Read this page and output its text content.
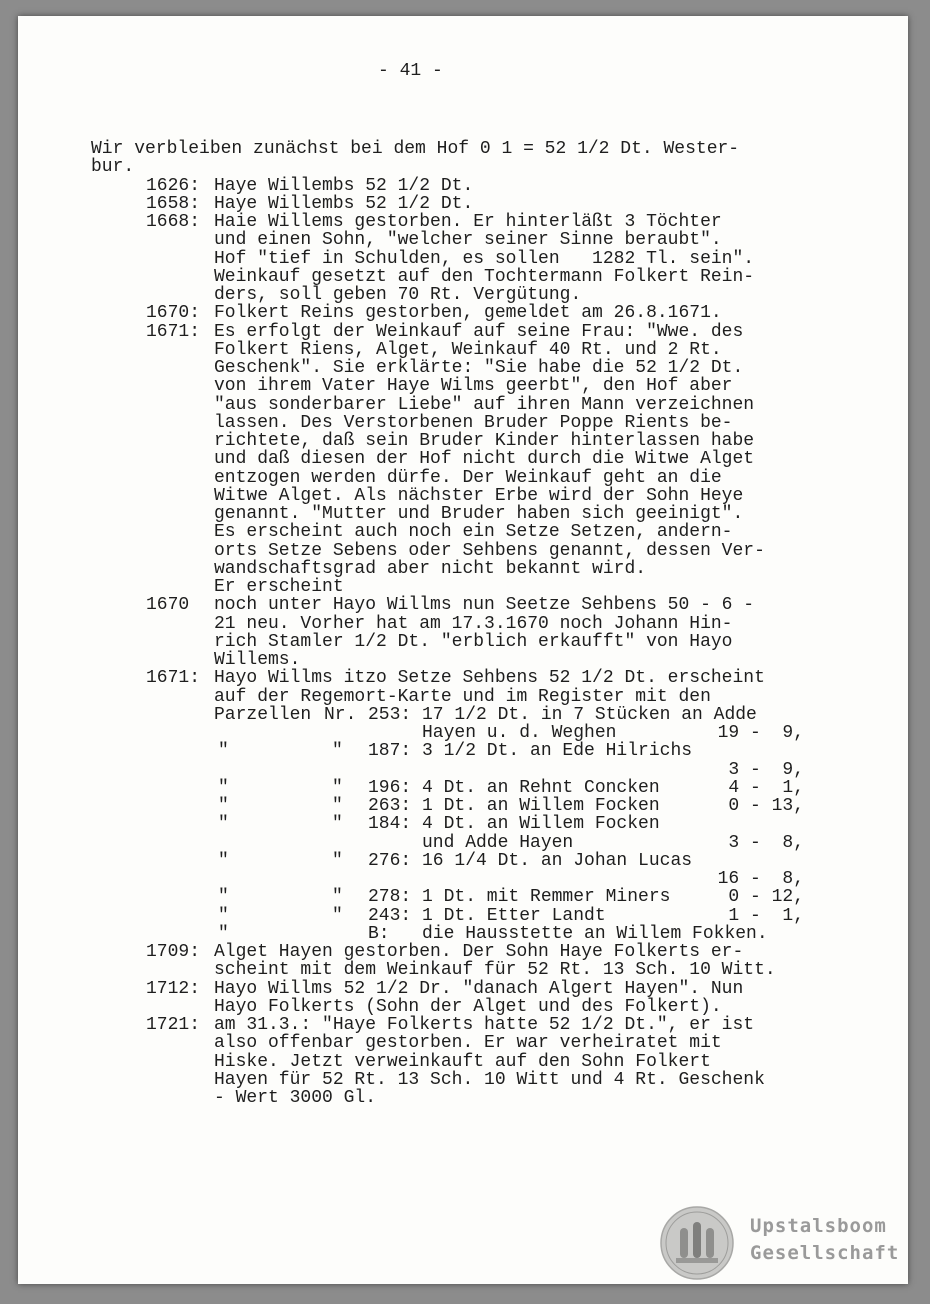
- 41 -
Wir verbleiben zunächst bei dem Hof 0 1 = 52 1/2 Dt. Wester-
bur.
1626: Haye Willembs 52 1/2 Dt.
1658: Haye Willembs 52 1/2 Dt.
1668: Haie Willems gestorben. Er hinterläßt 3 Töchter
und einen Sohn, "welcher seiner Sinne beraubt".
Hof "tief in Schulden, es sollen   1282 Tl. sein".
Weinkauf gesetzt auf den Tochtermann Folkert Rein-
ders, soll geben 70 Rt. Vergütung.
1670: Folkert Reins gestorben, gemeldet am 26.8.1671.
1671: Es erfolgt der Weinkauf auf seine Frau: "Wwe. des
Folkert Riens, Alget, Weinkauf 40 Rt. und 2 Rt.
Geschenk". Sie erklärte: "Sie habe die 52 1/2 Dt.
von ihrem Vater Haye Wilms geerbt", den Hof aber
"aus sonderbarer Liebe" auf ihren Mann verzeichnen
lassen. Des Verstorbenen Bruder Poppe Rients be-
richtete, daß sein Bruder Kinder hinterlassen habe
und daß diesen der Hof nicht durch die Witwe Alget
entzogen werden dürfe. Der Weinkauf geht an die
Witwe Alget. Als nächster Erbe wird der Sohn Heye
genannt. "Mutter und Bruder haben sich geeinigt".
Es erscheint auch noch ein Setze Setzen, andern-
orts Setze Sebens oder Sehbens genannt, dessen Ver-
wandschaftsgrad aber nicht bekannt wird.
Er erscheint
1670 noch unter Hayo Willms nun Seetze Sehbens 50 - 6 -
21 neu. Vorher hat am 17.3.1670 noch Johann Hin-
rich Stamler 1/2 Dt. "erblich erkaufft" von Hayo
Willems.
1671: Hayo Willms itzo Setze Sehbens 52 1/2 Dt. erscheint
auf der Regemort-Karte und im Register mit den
Parzellen Nr. 253: 17 1/2 Dt. in 7 Stücken an Adde
Hayen u. d. Weghen	19 -  9,
"	" 187: 3 1/2 Dt. an Ede Hilrichs
3 -  9,
"	" 196: 4 Dt. an Rehnt Concken	4 -  1,
"	" 263: 1 Dt. an Willem Focken	0 - 13,
"	" 184: 4 Dt. an Willem Focken
und Adde Hayen	3 -  8,
"	" 276: 16 1/4 Dt. an Johan Lucas
16 -  8,
"	" 278: 1 Dt. mit Remmer Miners	0 - 12,
"	" 243: 1 Dt. Etter Landt	1 -  1,
"	B: die Hausstette an Willem Fokken.
1709: Alget Hayen gestorben. Der Sohn Haye Folkerts er-
scheint mit dem Weinkauf für 52 Rt. 13 Sch. 10 Witt.
1712: Hayo Willms 52 1/2 Dr. "danach Algert Hayen". Nun
Hayo Folkerts (Sohn der Alget und des Folkert).
1721: am 31.3.: "Haye Folkerts hatte 52 1/2 Dt.", er ist
also offenbar gestorben. Er war verheiratet mit
Hiske. Jetzt verweinkauft auf den Sohn Folkert
Hayen für 52 Rt. 13 Sch. 10 Witt und 4 Rt. Geschenk
- Wert 3000 Gl.
Upstalsboom
Gesellschaft
